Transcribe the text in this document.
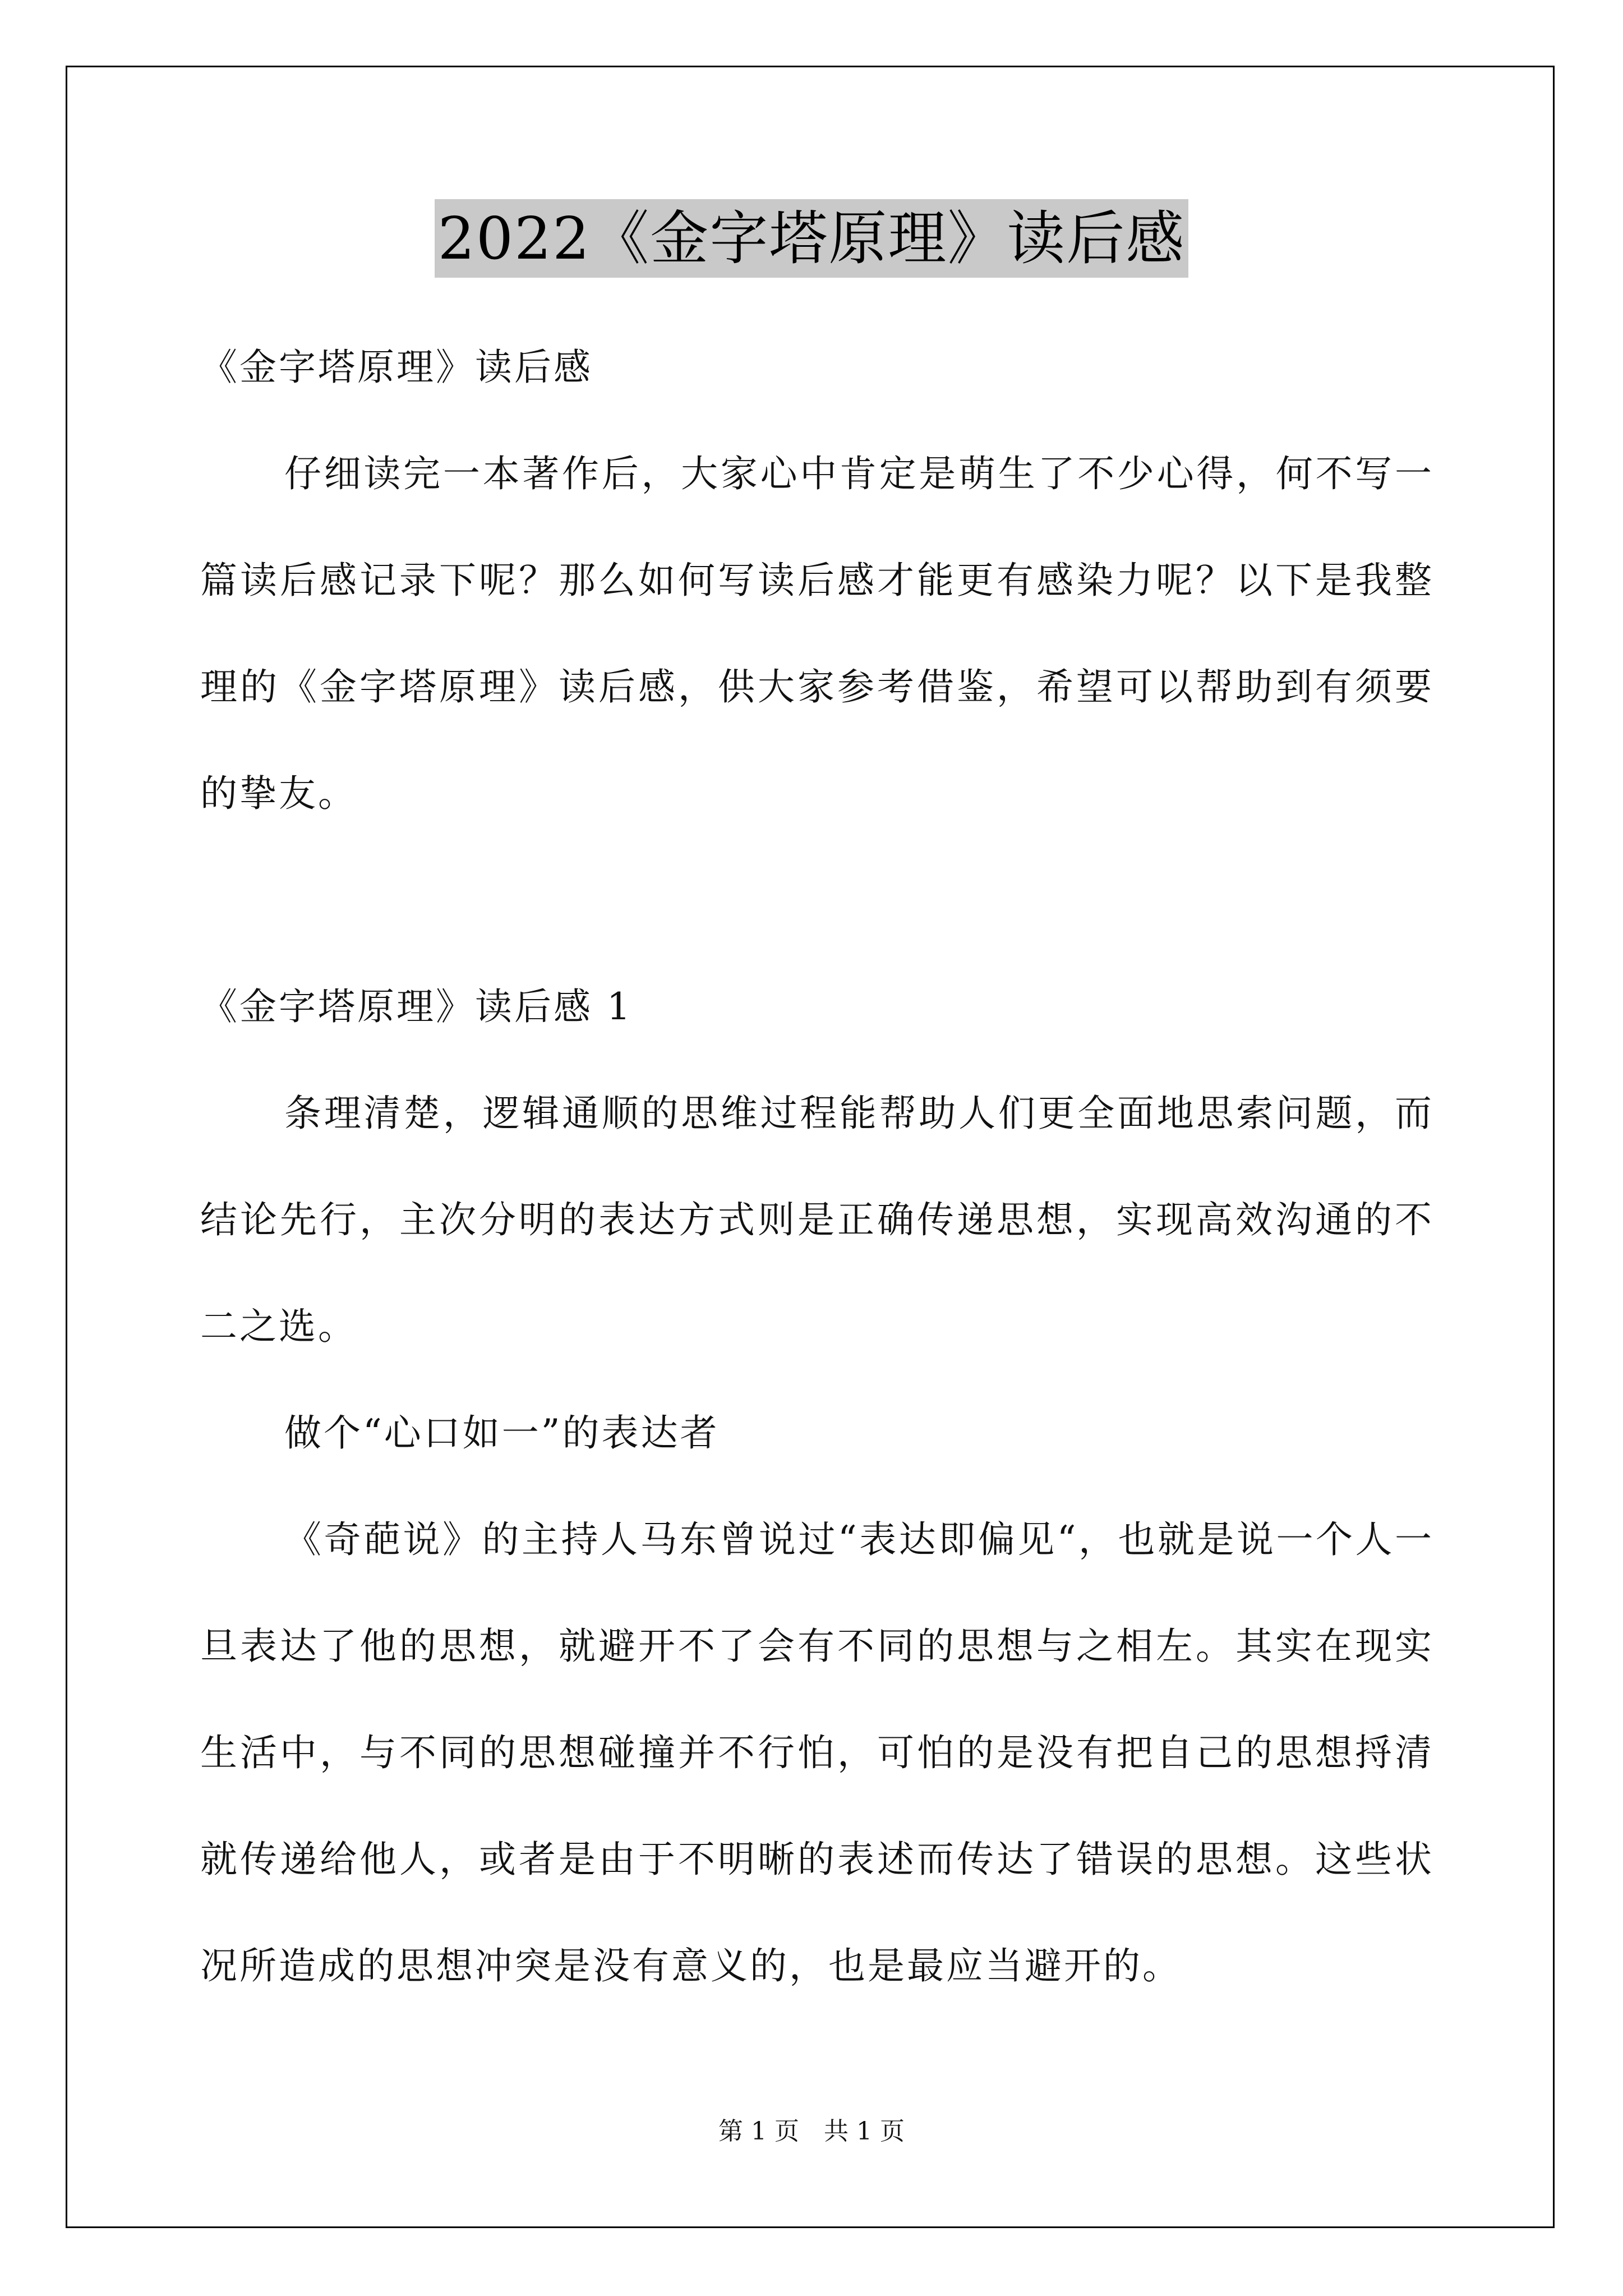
2022《金字塔原理》读后感
《金字塔原理》读后感

仔细读完一本著作后，大家心中肯定是萌生了不少心得，何不写一篇读后感记录下呢？那么如何写读后感才能更有感染力呢？以下是我整理的《金字塔原理》读后感，供大家参考借鉴，希望可以帮助到有须要的挚友。

《金字塔原理》读后感 1

条理清楚，逻辑通顺的思维过程能帮助人们更全面地思索问题，而结论先行，主次分明的表达方式则是正确传递思想，实现高效沟通的不二之选。

做个“心口如一”的表达者

《奇葩说》的主持人马东曾说过“表达即偏见“，也就是说一个人一旦表达了他的思想，就避开不了会有不同的思想与之相左。其实在现实生活中，与不同的思想碰撞并不行怕，可怕的是没有把自己的思想捋清就传递给他人，或者是由于不明晰的表述而传达了错误的思想。这些状况所造成的思想冲突是没有意义的，也是最应当避开的。

第 1 页　共 1 页
